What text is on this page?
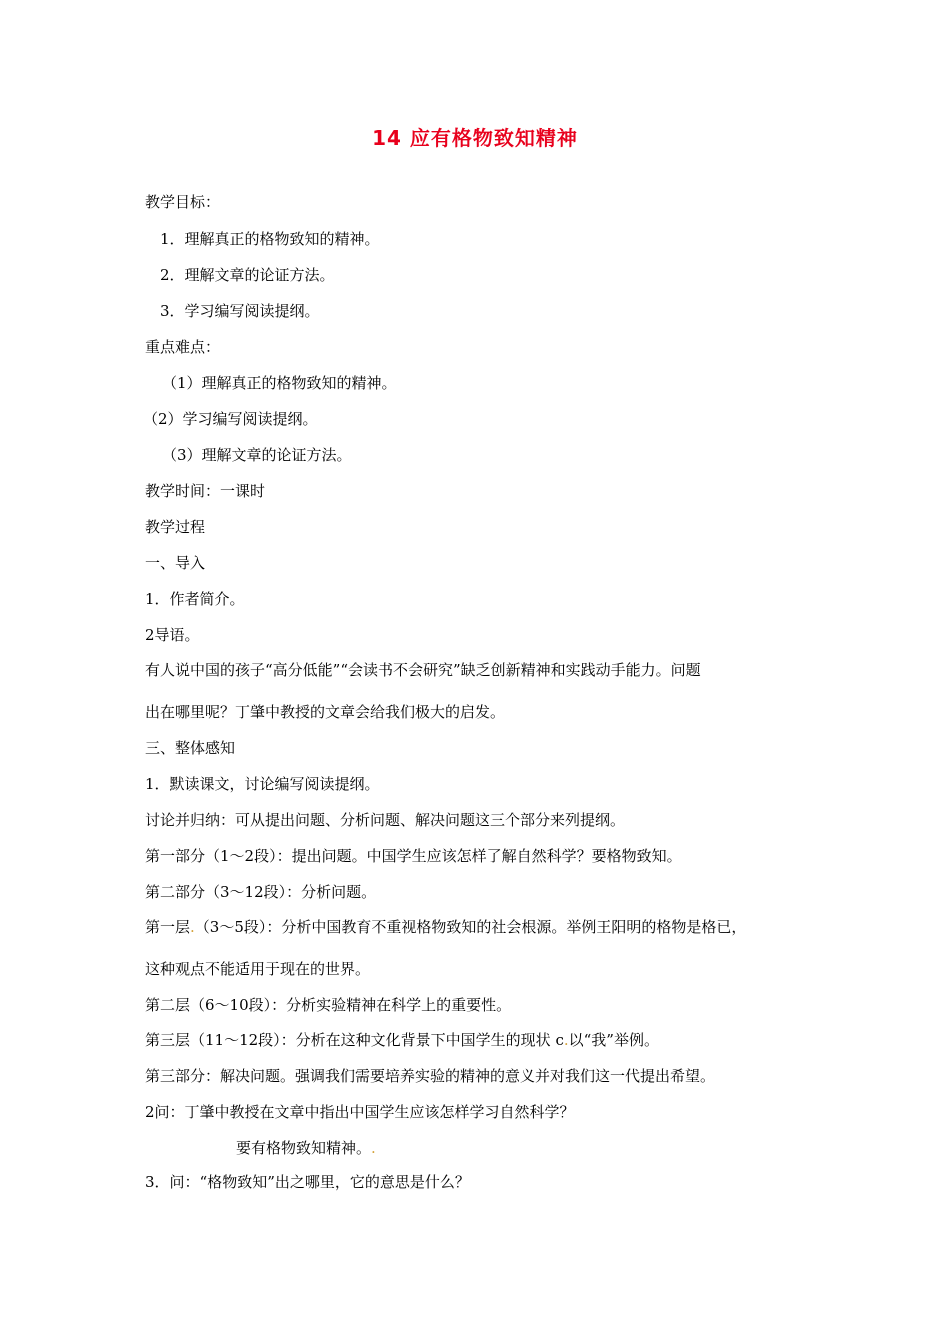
14 应有格物致知精神
教学目标：
1．理解真正的格物致知的精神。
2．理解文章的论证方法。
3．学习编写阅读提纲。
重点难点：
（1）理解真正的格物致知的精神。
（2）学习编写阅读提纲。
（3）理解文章的论证方法。
教学时间：一课时
教学过程
一、导入
1．作者简介。
2导语。
有人说中国的孩子“高分低能”“会读书不会研究”缺乏创新精神和实践动手能力。问题
出在哪里呢？丁肇中教授的文章会给我们极大的启发。
三、整体感知
1．默读课文，讨论编写阅读提纲。
讨论并归纳：可从提出问题、分析问题、解决问题这三个部分来列提纲。
第一部分（1～2段）：提出问题。中国学生应该怎样了解自然科学？要格物致知。
第二部分（3～12段）：分析问题。
第一层.（3～5段）：分析中国教育不重视格物致知的社会根源。举例王阳明的格物是格已，
这种观点不能适用于现在的世界。
第二层（6～10段）：分析实验精神在科学上的重要性。
第三层（11～12段）：分析在这种文化背景下中国学生的现状 c.以“我”举例。
第三部分：解决问题。强调我们需要培养实验的精神的意义并对我们这一代提出希望。
2问：丁肇中教授在文章中指出中国学生应该怎样学习自然科学？
要有格物致知精神。.
3．问：“格物致知”出之哪里，它的意思是什么？
